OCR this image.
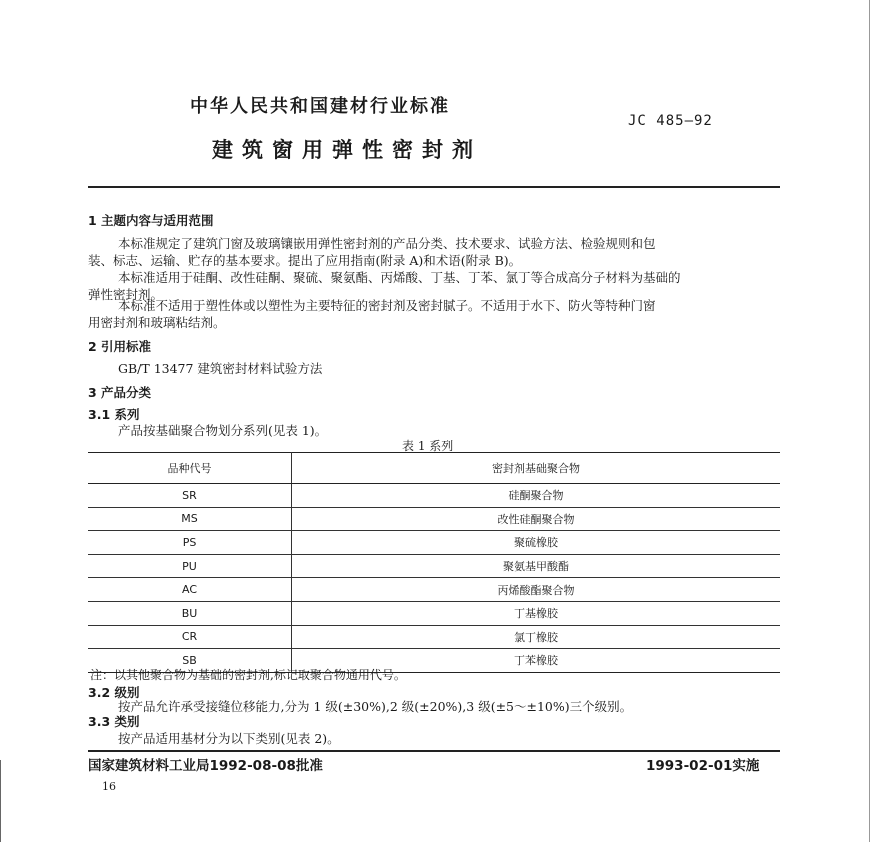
中华人民共和国建材行业标准
JC 485—92
建筑窗用弹性密封剂
1 主题内容与适用范围
本标准规定了建筑门窗及玻璃镶嵌用弹性密封剂的产品分类、技术要求、试验方法、检验规则和包
装、标志、运输、贮存的基本要求。提出了应用指南(附录 A)和术语(附录 B)。
本标准适用于硅酮、改性硅酮、聚硫、聚氨酯、丙烯酸、丁基、丁苯、氯丁等合成高分子材料为基础的
弹性密封剂。
本标准不适用于塑性体或以塑性为主要特征的密封剂及密封腻子。不适用于水下、防火等特种门窗
用密封剂和玻璃粘结剂。
2 引用标准
GB/T 13477 建筑密封材料试验方法
3 产品分类
3.1 系列
产品按基础聚合物划分系列(见表 1)。
表 1 系列
品种代号	密封剂基础聚合物
SR	硅酮聚合物
MS	改性硅酮聚合物
PS	聚硫橡胶
PU	聚氨基甲酸酯
AC	丙烯酸酯聚合物
BU	丁基橡胶
CR	氯丁橡胶
SB	丁苯橡胶
注：以其他聚合物为基础的密封剂,标记取聚合物通用代号。
3.2 级别
按产品允许承受接缝位移能力,分为 1 级(±30%),2 级(±20%),3 级(±5～±10%)三个级别。
3.3 类别
按产品适用基材分为以下类别(见表 2)。
国家建筑材料工业局1992-08-08批准	1993-02-01实施
16
